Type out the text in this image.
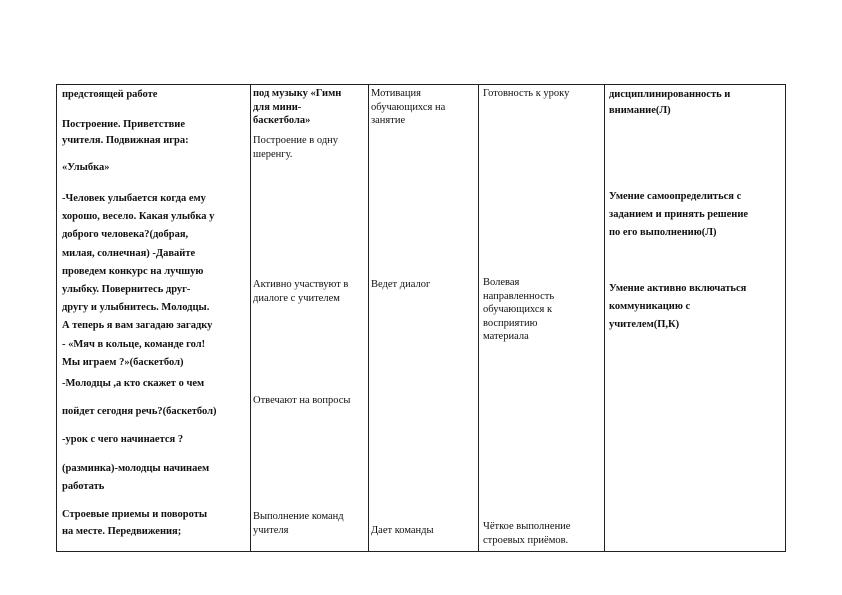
предстоящей работе
Построение. Приветствие
учителя. Подвижная игра:
«Улыбка»
-Человек улыбается когда ему
хорошо, весело. Какая улыбка у
доброго человека?(добрая,
милая, солнечная) -Давайте
проведем конкурс на лучшую
улыбку. Повернитесь друг-
другу и улыбнитесь. Молодцы.
А теперь я вам загадаю загадку
- «Мяч в кольце, команде гол!
Мы играем ?»(баскетбол)
-Молодцы ,а кто скажет о чем
пойдет сегодня речь?(баскетбол)
-урок с чего начинается ?
(разминка)-молодцы начинаем
работать
Строевые приемы и повороты
на месте. Передвижения;
под музыку «Гимн
для мини-
баскетбола»
Построение в одну
шеренгу.
Активно участвуют в
диалоге с учителем
Отвечают на вопросы
Выполнение команд
учителя
Мотивация
обучающихся на
занятие
Ведет диалог
Дает команды
Готовность к уроку
Волевая
направленность
обучающихся к
восприятию
материала
Чёткое выполнение
строевых приёмов.
дисциплинированность и
внимание(Л)
Умение самоопределиться с
заданием и принять решение
по его выполнению(Л)
Умение активно включаться
коммуникацию с
учителем(П,К)
